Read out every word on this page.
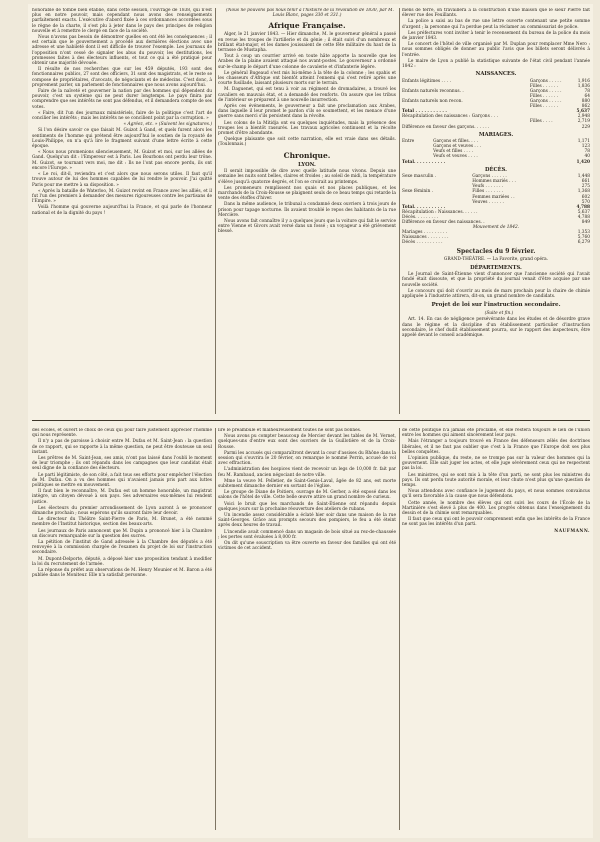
honorable de tombe bien établie, dans cette session, l'ouvrage de 1838, qui n'est plus en notre pouvoir, mais cependant nous avons des renseignements parfaitement exacts. L'exécutive d'abord fixée à ces ordonnances accordées sous le règne de la charte, il s'est plu à jeter dans le pays des principes de religion nouvelle et à remettre le clergé en face de la société.

Nous n'avons pas besoin de démontrer quelles en ont été les conséquences ; il est certain que le gouvernement a procédé aux dernières élections avec une adresse et une habileté dont il est difficile de trouver l'exemple. Les journaux de l'opposition n'ont cessé de signaler les abus du pouvoir, les destitutions, les promesses faites à des électeurs influents, et tout ce qui a été pratiqué pour obtenir une majorité dévouée.

Il résulte de nos recherches que sur les 459 députés, 193 sont des fonctionnaires publics, 27 sont des officiers, 31 sont des magistrats, et le reste se compose de propriétaires, d'avocats, de négociants et de médecins. C'est donc, à proprement parler, un parlement de fonctionnaires que nous avons aujourd'hui.

Faire de la naïveté et gouverner la nation par des hommes qui dépendent du pouvoir, c'est un système qui ne peut durer longtemps. Le pays finira par comprendre que ses intérêts ne sont pas défendus, et il demandera compte de ses votes.

« Faire, dit l'un des journaux ministériels, faire de la politique c'est l'art de concilier les intérêts ; mais les intérêts ne se concilient point par la corruption. »

« Agréez, etc. » (Suivent les signatures.)

Si l'on désire savoir ce que faisait M. Guizot à Gand, et quels furent alors les sentiments de l'homme qui prétend être aujourd'hui le soutien de la royauté de Louis-Philippe, on n'a qu'à lire le fragment suivant d'une lettre écrite à cette époque.

« Nous nous promenions silencieusement, M. Guizot et moi, sur les allées de Gand. Quelqu'un dit : l'Empereur est à Paris. Les Bourbons ont perdu leur trône. M. Guizot, se tournant vers moi, me dit : Ils ne l'ont pas encore perdu, ils ont encore l'Europe. »

« Le roi, dit-il, reviendra et c'est alors que nous serons utiles. Il faut qu'il trouve autour de lui des hommes capables de lui rendre le pouvoir. J'ai quitté Paris pour me mettre à sa disposition. »

« Après la bataille de Waterloo, M. Guizot revint en France avec les alliés, et il fut l'un des premiers à demander des mesures rigoureuses contre les partisans de l'Empire. »

Voilà l'homme qui gouverne aujourd'hui la France, et qui parle de l'honneur national et de la dignité du pays !

(Nous ne pouvons pas nous tenir à l'histoire de la révolution de 1830, par M. Louis Blanc, pages 330 et 331.)

Afrique Française.

Alger, le 21 janvier 1843. — Hier dimanche, M. le gouverneur général a passé en revue les troupes de l'artillerie et du génie ; il était suivi d'un nombreux et brillant état-major, et les dames jouissaient de cette fête militaire du haut de la terrasse de Mustapha.

Tout à coup un courrier arrivé en toute hâte apporte la nouvelle que les Arabes de la plaine avaient attaqué nos avant-postes. Le gouverneur a ordonné sur-le-champ le départ d'une colonne de cavalerie et d'infanterie légère.

Le général Bugeaud s'est mis lui-même à la tête de la colonne ; les spahis et les chasseurs d'Afrique ont bientôt atteint l'ennemi qui s'est retiré après une courte fusillade, laissant plusieurs morts sur le terrain.

M. Daguenet, qui est tenu à voir au régiment de dromadaires, a trouvé les cavaliers en mauvais état, et a demandé des renforts. On assure que les tribus de l'intérieur se préparent à une nouvelle insurrection.

Après ces événements, le gouverneur a fait une proclamation aux Arabes, dans laquelle il leur promet le pardon s'ils se soumettent, et les menace d'une guerre sans merci s'ils persistent dans la révolte.

Les colons de la Mitidja ont eu quelques inquiétudes, mais la présence des troupes les a bientôt rassurés. Les travaux agricoles continuent et la récolte promet d'être abondante.

Quelque plaisante que soit cette narration, elle est vraie dans ses détails. (Toulonnais.)

Chronique.
LYON.

Il serait impossible de dire avec quelle latitude nous vivons. Depuis une semaine les nuits sont belles, claires et froides ; au soleil de midi, la température s'élève jusqu'à quatorze degrés, et l'on se croirait au printemps.

Les promeneurs remplissent nos quais et nos places publiques, et les marchands de la Croix-Rousse se plaignent seuls de ce beau temps qui retarde la vente des étoffes d'hiver.

Dans la même audience, le tribunal a condamné deux ouvriers à trois jours de prison pour tapage nocturne. Ils avaient troublé le repos des habitants de la rue Mercière.

Nous avons fait connaître il y a quelques jours que la voiture qui fait le service entre Vienne et Givors avait versé dans un fossé ; un voyageur a été grièvement blessé.

mens de terre, on travaillera à la construction d'une maison que le sieur Pierre fait élever rue des Feuillants.

La police a saisi au bas de rue une lettre ouverte contenant une petite somme d'argent ; la personne qui l'a perdue peut la réclamer au commissariat de police.

Les préfectures vont inviter à tenir le recensement du bureau de la police du mois de janvier 1843.

Le concert de l'hôtel de ville organisé par M. Duplan pour remplacer Mme Nero : nous sommes obligés de donner au public l'avis que les billets seront délivrés à l'entrée.

Le maire de Lyon a publié la statistique suivante de l'état civil pendant l'année 1842 :

NAISSANCES.
Enfants légitimes . . . .	Garçons . . . . .	1,916
	Filles . . . . . .	1,836
Enfants naturels reconnus. .	Garçons . . . . .	78
	Filles . . . . . .	64
Enfants naturels non recon.	Garçons . . . . .	880
	Filles . . . . . .	862
Total . . . . . . . . . . .		5,637
Récapitulation des naissances : Garçons . . .		2,948
	Filles . . . .	2,719
Différence en faveur des garçons. . . . . .		229
MARIAGES.
Entre	Garçons et filles. . . .	1,171
	Garçons et veuves . . .	123
	Veufs et filles . . . .	78
	Veufs et veuves . . . .	40
Total. . . . . . . . . . .		1,420
DÉCÈS.
Sexe masculin .	Garçons . . . . . .	1,448
	Hommes mariés . . .	661
	Veufs . . . . . . .	275
Sexe féminin .	Filles . . . . . . .	1,368
	Femmes mariées . .	602
	Veuves . . . . . .	570
Total. . . . . . . . . . .		4,788
Récapitulation : Naissances. . . . . .	5,637
Décès. . . . . . . . .	4,788
Différence en faveur des naissances. .	849
Mouvement de 1842.	
Mariages . . . . . . . . .	1,353
Naissances . . . . . . . .	5,760
Décès . . . . . . . . . .	6,279
Spectacles du 9 février.

GRAND-THÉÂTRE. — La Favorite, grand opéra.

DÉPARTEMENTS.

Le Journal de Saint-Étienne vient d'annoncer que l'ancienne société qui l'avait fondé était dissoute, et que la propriété du journal venait d'être acquise par une nouvelle société.

Le concours qui doit s'ouvrir au mois de mars prochain pour la chaire de chimie appliquée à l'industrie attirera, dit-on, un grand nombre de candidats.

Projet de loi sur l'instruction secondaire.

(Suite et fin.)

Art. 14. En cas de négligence persévérante dans les études et de désordre grave dans le régime et la discipline d'un établissement particulier d'instruction secondaire, le chef dudit établissement pourra, sur le rapport des inspecteurs, être appelé devant le conseil académique.

des écoles, et ouvert le choix de ceux qui pour faire justement apprécier l'homme qui nous représente.

Il n'y a pas de paroisse à choisir entre M. Dufau et M. Saint-Jean : la question de ce rapport, qui se rapporte à la même question, ne peut être douteuse un seul instant.

Les prêtres de M. Saint-Jean, ses amis, n'ont pas laissé dans l'oubli le moment de leur triomphe ; ils ont répandu dans les campagnes que leur candidat était seul digne de la confiance des électeurs.

Le parti légitimiste, de son côté, a fait tous ses efforts pour empêcher l'élection de M. Dufau. On a vu des hommes qui n'avaient jamais pris part aux luttes politiques se mettre en mouvement.

Il faut bien le reconnaître, M. Dufau est un homme honorable, un magistrat intègre, un citoyen dévoué à son pays. Ses adversaires eux-mêmes lui rendent justice.

Les électeurs du premier arrondissement de Lyon auront à se prononcer dimanche prochain ; nous espérons qu'ils sauront faire leur devoir.

Le directeur du Théâtre Saint-Pierre de Paris, M. Brunet, a été nommé membre de l'Institut historique, section des beaux-arts.

Les journaux de Paris annoncent que M. Dupin a prononcé hier à la Chambre un discours remarquable sur la question des sucres.

La pétition de l'institut de Gand adressée à la Chambre des députés a été renvoyée à la commission chargée de l'examen du projet de loi sur l'instruction secondaire.

M. Dupont-Delporte, député, a déposé hier une proposition tendant à modifier la loi du recrutement de l'armée.

La réponse du préfet aux observations de M. Henry Mounier et M. Baron a été publiée dans le Moniteur. Elle n'a satisfait personne.

lire le préambule et malheureusement toutes ne sont pas bonnes.

Nous avons pu compter beaucoup de Mercier devant les tables de M. Vernet, quelques-uns d'entre eux sont des ouvriers de la Guillotière et de la Croix-Rousse.

Parmi les accusés qui comparaîtront devant la cour d'assises du Rhône dans la session qui s'ouvrira le 20 février, on remarque le nommé Perrin, accusé de vol avec effraction.

L'administration des hospices vient de recevoir un legs de 10,000 fr. fait par feu M. Rambaud, ancien négociant de notre ville.

Mme la veuve M. Pelletier, de Saint-Genis-Laval, âgée de 82 ans, est morte subitement dimanche dernier en sortant de l'église.

Le groupe de Diane de Poitiers, ouvrage de M. Gerber, a été exposé dans les salons de l'hôtel de ville. Cette belle œuvre attire un grand nombre de curieux.

Voici le bruit que les marchands de Saint-Étienne ont répandu depuis quelques jours sur la prochaine réouverture des ateliers de rubans.

Un incendie assez considérable a éclaté hier soir dans une maison de la rue Saint-Georges. Grâce aux prompts secours des pompiers, le feu a été éteint après deux heures de travail.

L'incendie avait commencé dans un magasin de bois situé au rez-de-chaussée ; les pertes sont évaluées à 8,000 fr.

On dit qu'une souscription va être ouverte en faveur des familles qui ont été victimes de cet accident.

de cette politique n'a jamais été proclamé, et elle restera toujours le lien de l'union entre les hommes qui aiment sincèrement leur pays.

Mais l'étranger a toujours trouvé en France des défenseurs zélés des doctrines libérales, et il ne faut pas oublier que c'est à la France que l'Europe doit ses plus belles conquêtes.

L'opinion publique, du reste, ne se trompe pas sur la valeur des hommes qui la gouvernent. Elle sait juger les actes, et elle juge sévèrement ceux qui ne respectent pas la loi.

Les ministres, qui se sont mis à la tête d'un parti, ne sont plus les ministres du pays. Ils ont perdu toute autorité morale, et leur chute n'est plus qu'une question de temps.

Nous attendons avec confiance le jugement du pays, et nous sommes convaincus qu'il sera favorable à la cause que nous défendons.

Cette année, le nombre des élèves qui ont suivi les cours de l'École de la Martinière s'est élevé à plus de 400. Les progrès obtenus dans l'enseignement du dessin et de la chimie sont remarquables.

Il faut que ceux qui ont le pouvoir comprennent enfin que les intérêts de la France ne sont pas les intérêts d'un parti.

NAUFMANN.
